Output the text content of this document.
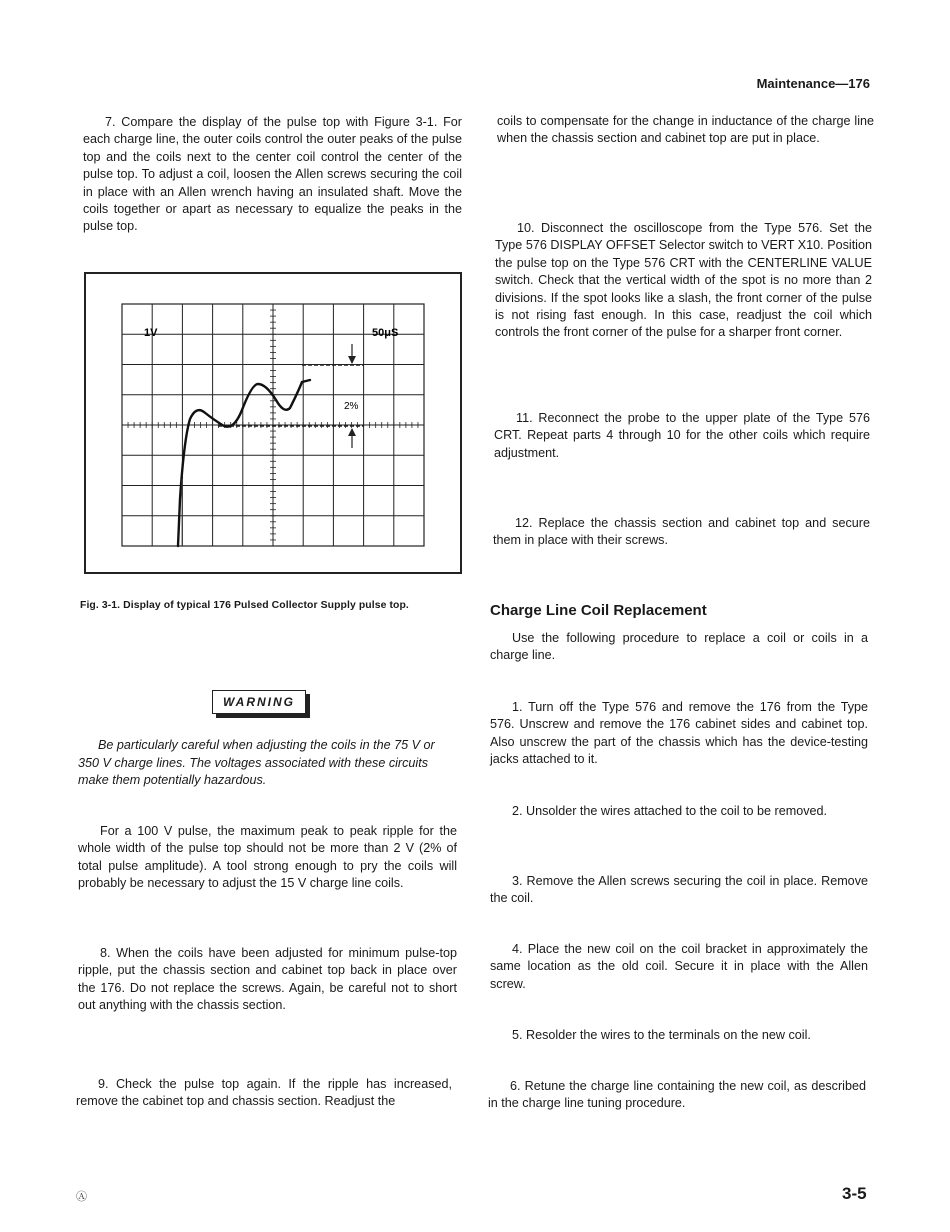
Maintenance—176

7. Compare the display of the pulse top with Figure 3-1. For each charge line, the outer coils control the outer peaks of the pulse top and the coils next to the center coil control the center of the pulse top. To adjust a coil, loosen the Allen screws securing the coil in place with an Allen wrench having an insulated shaft. Move the coils together or apart as necessary to equalize the peaks in the pulse top.

1V	50μS
2%
Fig. 3-1. Display of typical 176 Pulsed Collector Supply pulse top.
WARNING

Be particularly careful when adjusting the coils in the 75 V or 350 V charge lines. The voltages associated with these circuits make them potentially hazardous.

For a 100 V pulse, the maximum peak to peak ripple for the whole width of the pulse top should not be more than 2 V (2% of total pulse amplitude). A tool strong enough to pry the coils will probably be necessary to adjust the 15 V charge line coils.

8. When the coils have been adjusted for minimum pulse-top ripple, put the chassis section and cabinet top back in place over the 176. Do not replace the screws. Again, be careful not to short out anything with the chassis section.

9. Check the pulse top again. If the ripple has increased, remove the cabinet top and chassis section. Readjust the

coils to compensate for the change in inductance of the charge line when the chassis section and cabinet top are put in place.

10. Disconnect the oscilloscope from the Type 576. Set the Type 576 DISPLAY OFFSET Selector switch to VERT X10. Position the pulse top on the Type 576 CRT with the CENTERLINE VALUE switch. Check that the vertical width of the spot is no more than 2 divisions. If the spot looks like a slash, the front corner of the pulse is not rising fast enough. In this case, readjust the coil which controls the front corner of the pulse for a sharper front corner.

11. Reconnect the probe to the upper plate of the Type 576 CRT. Repeat parts 4 through 10 for the other coils which require adjustment.

12. Replace the chassis section and cabinet top and secure them in place with their screws.

Charge Line Coil Replacement

Use the following procedure to replace a coil or coils in a charge line.

1. Turn off the Type 576 and remove the 176 from the Type 576. Unscrew and remove the 176 cabinet sides and cabinet top. Also unscrew the part of the chassis which has the device-testing jacks attached to it.

2. Unsolder the wires attached to the coil to be removed.

3. Remove the Allen screws securing the coil in place. Remove the coil.

4. Place the new coil on the coil bracket in approximately the same location as the old coil. Secure it in place with the Allen screw.

5. Resolder the wires to the terminals on the new coil.

6. Retune the charge line containing the new coil, as described in the charge line tuning procedure.

Ⓐ	3-5
